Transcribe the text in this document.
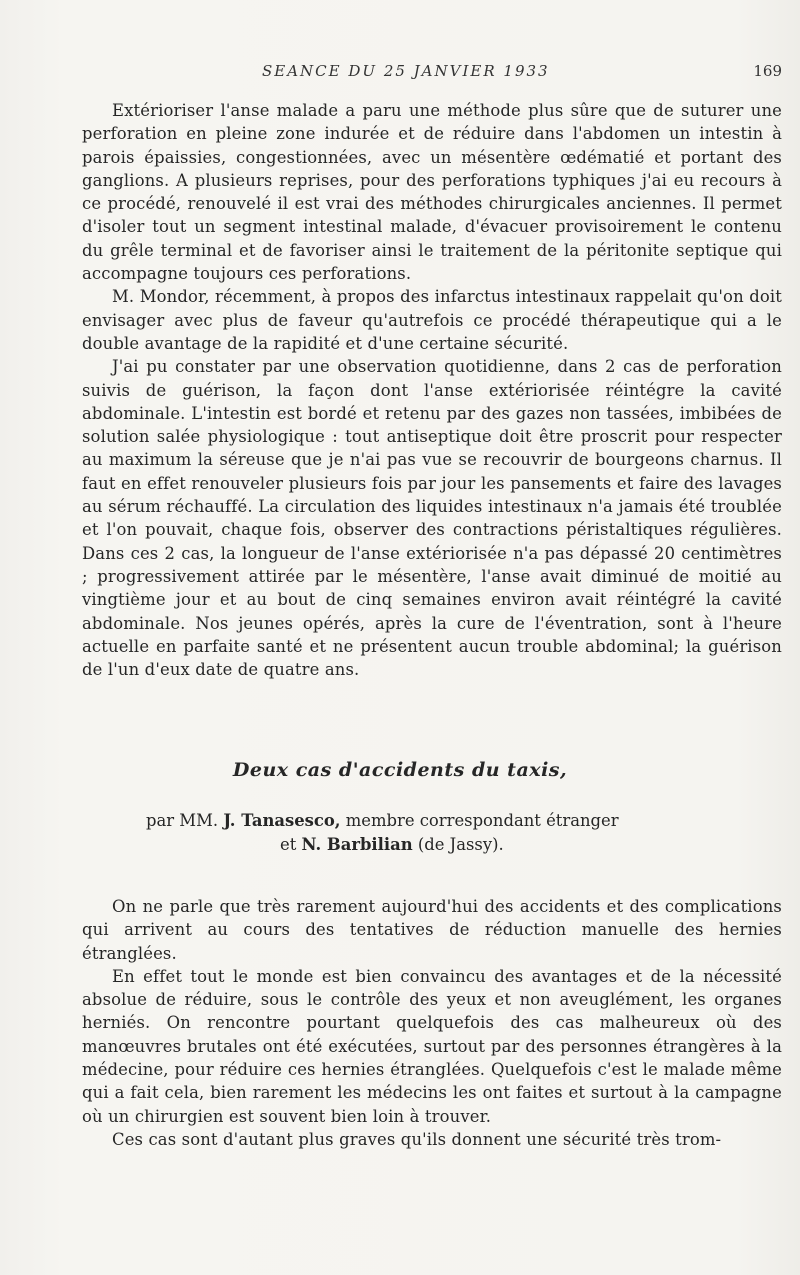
SEANCE DU 25 JANVIER 1933	169

Extérioriser l'anse malade a paru une méthode plus sûre que de suturer une perforation en pleine zone indurée et de réduire dans l'abdomen un intestin à parois épaissies, congestionnées, avec un mésentère œdématié et portant des ganglions. A plusieurs reprises, pour des perforations typhiques j'ai eu recours à ce procédé, renouvelé il est vrai des méthodes chirurgicales anciennes. Il permet d'isoler tout un segment intestinal malade, d'évacuer provisoirement le contenu du grêle terminal et de favoriser ainsi le traitement de la péritonite septique qui accompagne toujours ces perforations.

M. Mondor, récemment, à propos des infarctus intestinaux rappelait qu'on doit envisager avec plus de faveur qu'autrefois ce procédé thérapeutique qui a le double avantage de la rapidité et d'une certaine sécurité.

J'ai pu constater par une observation quotidienne, dans 2 cas de perforation suivis de guérison, la façon dont l'anse extériorisée réintégre la cavité abdominale. L'intestin est bordé et retenu par des gazes non tassées, imbibées de solution salée physiologique : tout antiseptique doit être proscrit pour respecter au maximum la séreuse que je n'ai pas vue se recouvrir de bourgeons charnus. Il faut en effet renouveler plusieurs fois par jour les pansements et faire des lavages au sérum réchauffé. La circulation des liquides intestinaux n'a jamais été troublée et l'on pouvait, chaque fois, observer des contractions péristaltiques régulières. Dans ces 2 cas, la longueur de l'anse extériorisée n'a pas dépassé 20 centimètres ; progressivement attirée par le mésentère, l'anse avait diminué de moitié au vingtième jour et au bout de cinq semaines environ avait réintégré la cavité abdominale. Nos jeunes opérés, après la cure de l'éventration, sont à l'heure actuelle en parfaite santé et ne présentent aucun trouble abdominal; la guérison de l'un d'eux date de quatre ans.

Deux cas d'accidents du taxis,
par MM. J. Tanasesco, membre correspondant étranger
et N. Barbilian (de Jassy).

On ne parle que très rarement aujourd'hui des accidents et des complications qui arrivent au cours des tentatives de réduction manuelle des hernies étranglées.

En effet tout le monde est bien convaincu des avantages et de la nécessité absolue de réduire, sous le contrôle des yeux et non aveuglément, les organes herniés. On rencontre pourtant quelquefois des cas malheureux où des manœuvres brutales ont été exécutées, surtout par des personnes étrangères à la médecine, pour réduire ces hernies étranglées. Quelquefois c'est le malade même qui a fait cela, bien rarement les médecins les ont faites et surtout à la campagne où un chirurgien est souvent bien loin à trouver.

Ces cas sont d'autant plus graves qu'ils donnent une sécurité très trom-
